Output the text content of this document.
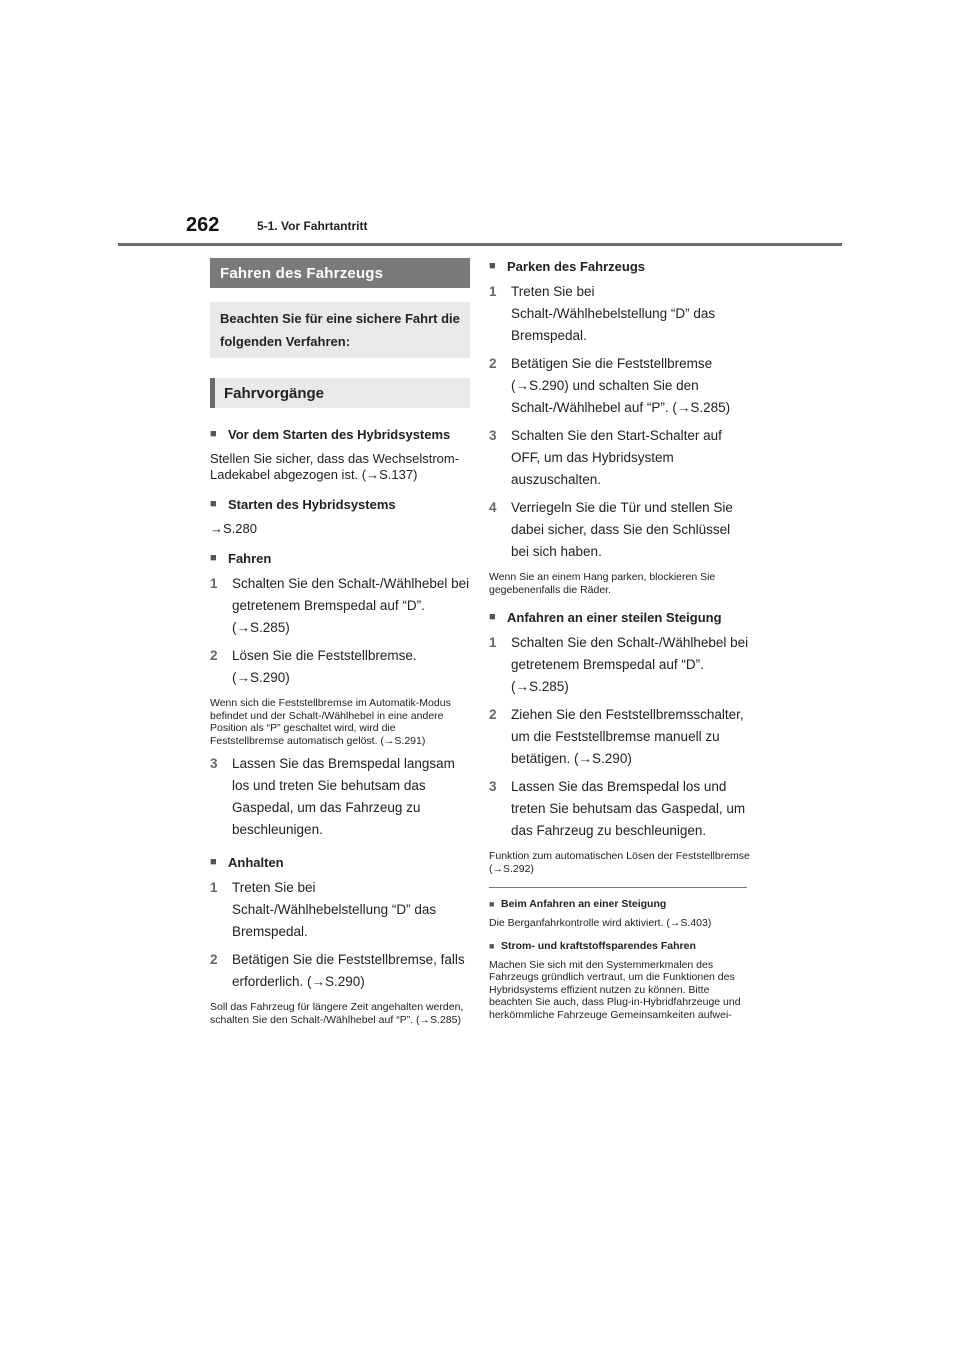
262	5-1. Vor Fahrtantritt
Fahren des Fahrzeugs
Beachten Sie für eine sichere Fahrt die folgenden Verfahren:
Fahrvorgänge
■ Vor dem Starten des Hybridsystems
Stellen Sie sicher, dass das Wechselstrom-Ladekabel abgezogen ist. (→S.137)
■ Starten des Hybridsystems
→S.280
■ Fahren
1	Schalten Sie den Schalt-/Wählhebel bei getretenem Bremspedal auf “D”. (→S.285)
2	Lösen Sie die Feststellbremse. (→S.290)
Wenn sich die Feststellbremse im Automatik-Modus befindet und der Schalt-/Wählhebel in eine andere Position als “P” geschaltet wird, wird die Feststellbremse automatisch gelöst. (→S.291)
3	Lassen Sie das Bremspedal langsam los und treten Sie behutsam das Gaspedal, um das Fahrzeug zu beschleunigen.
■ Anhalten
1	Treten Sie bei Schalt-/Wählhebelstellung “D” das Bremspedal.
2	Betätigen Sie die Feststellbremse, falls erforderlich. (→S.290)
Soll das Fahrzeug für längere Zeit angehalten werden, schalten Sie den Schalt-/Wählhebel auf “P”. (→S.285)
■ Parken des Fahrzeugs
1	Treten Sie bei Schalt-/Wählhebelstellung “D” das Bremspedal.
2	Betätigen Sie die Feststellbremse (→S.290) und schalten Sie den Schalt-/Wählhebel auf “P”. (→S.285)
3	Schalten Sie den Start-Schalter auf OFF, um das Hybridsystem auszuschalten.
4	Verriegeln Sie die Tür und stellen Sie dabei sicher, dass Sie den Schlüssel bei sich haben.
Wenn Sie an einem Hang parken, blockieren Sie gegebenenfalls die Räder.
■ Anfahren an einer steilen Steigung
1	Schalten Sie den Schalt-/Wählhebel bei getretenem Bremspedal auf “D”. (→S.285)
2	Ziehen Sie den Feststellbremsschalter, um die Feststellbremse manuell zu betätigen. (→S.290)
3	Lassen Sie das Bremspedal los und treten Sie behutsam das Gaspedal, um das Fahrzeug zu beschleunigen.
Funktion zum automatischen Lösen der Feststellbremse (→S.292)
■ Beim Anfahren an einer Steigung
Die Berganfahrkontrolle wird aktiviert. (→S.403)
■ Strom- und kraftstoffsparendes Fahren
Machen Sie sich mit den Systemmerkmalen des Fahrzeugs gründlich vertraut, um die Funktionen des Hybridsystems effizient nutzen zu können. Bitte beachten Sie auch, dass Plug-in-Hybridfahrzeuge und herkömmliche Fahrzeuge Gemeinsamkeiten aufwei-
